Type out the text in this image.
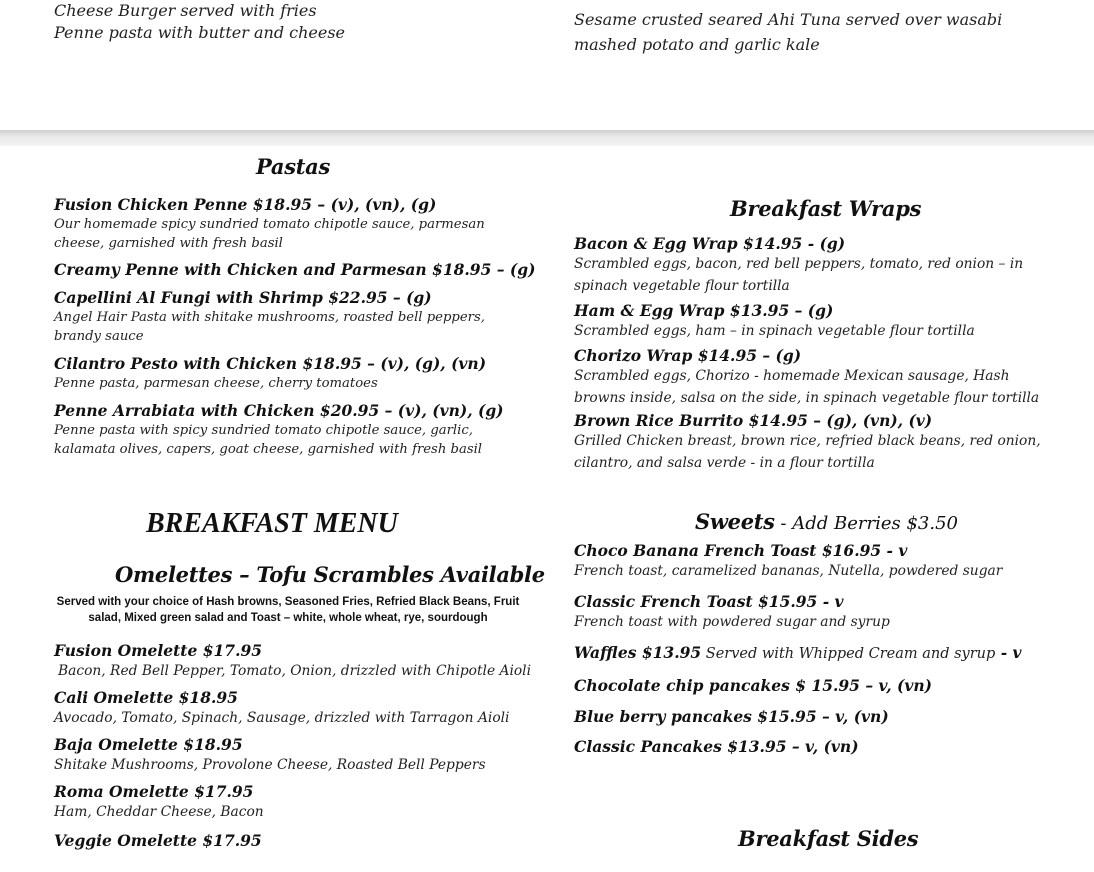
Cheese Burger served with fries
Penne pasta with butter and cheese
Sesame crusted seared Ahi Tuna served over wasabi mashed potato and garlic kale
Pastas
Fusion Chicken Penne $18.95 – (v), (vn), (g)
Our homemade spicy sundried tomato chipotle sauce, parmesan cheese, garnished with fresh basil
Creamy Penne with Chicken and Parmesan $18.95 – (g)
Capellini Al Fungi with Shrimp $22.95 – (g)
Angel Hair Pasta with shitake mushrooms, roasted bell peppers, brandy sauce
Cilantro Pesto with Chicken $18.95 – (v), (g), (vn)
Penne pasta, parmesan cheese, cherry tomatoes
Penne Arrabiata with Chicken $20.95 – (v), (vn), (g)
Penne pasta with spicy sundried tomato chipotle sauce, garlic, kalamata olives, capers, goat cheese, garnished with fresh basil
BREAKFAST MENU
Omelettes – Tofu Scrambles Available
Served with your choice of Hash browns, Seasoned Fries, Refried Black Beans, Fruit salad, Mixed green salad and Toast – white, whole wheat, rye, sourdough
Fusion Omelette $17.95
Bacon, Red Bell Pepper, Tomato, Onion, drizzled with Chipotle Aioli
Cali Omelette $18.95
Avocado, Tomato, Spinach, Sausage, drizzled with Tarragon Aioli
Baja Omelette $18.95
Shitake Mushrooms, Provolone Cheese, Roasted Bell Peppers
Roma Omelette $17.95
Ham, Cheddar Cheese, Bacon
Veggie Omelette $17.95
Breakfast Wraps
Bacon & Egg Wrap $14.95 - (g)
Scrambled eggs, bacon, red bell peppers, tomato, red onion – in spinach vegetable flour tortilla
Ham & Egg Wrap $13.95 – (g)
Scrambled eggs, ham – in spinach vegetable flour tortilla
Chorizo Wrap $14.95 – (g)
Scrambled eggs, Chorizo - homemade Mexican sausage, Hash browns inside, salsa on the side, in spinach vegetable flour tortilla
Brown Rice Burrito $14.95 – (g), (vn), (v)
Grilled Chicken breast, brown rice, refried black beans, red onion, cilantro, and salsa verde - in a flour tortilla
Sweets - Add Berries $3.50
Choco Banana French Toast $16.95 - v
French toast, caramelized bananas, Nutella, powdered sugar
Classic French Toast $15.95 - v
French toast with powdered sugar and syrup
Waffles $13.95 Served with Whipped Cream and syrup - v
Chocolate chip pancakes $ 15.95 – v, (vn)
Blue berry pancakes $15.95 – v, (vn)
Classic Pancakes $13.95 – v, (vn)
Breakfast Sides
